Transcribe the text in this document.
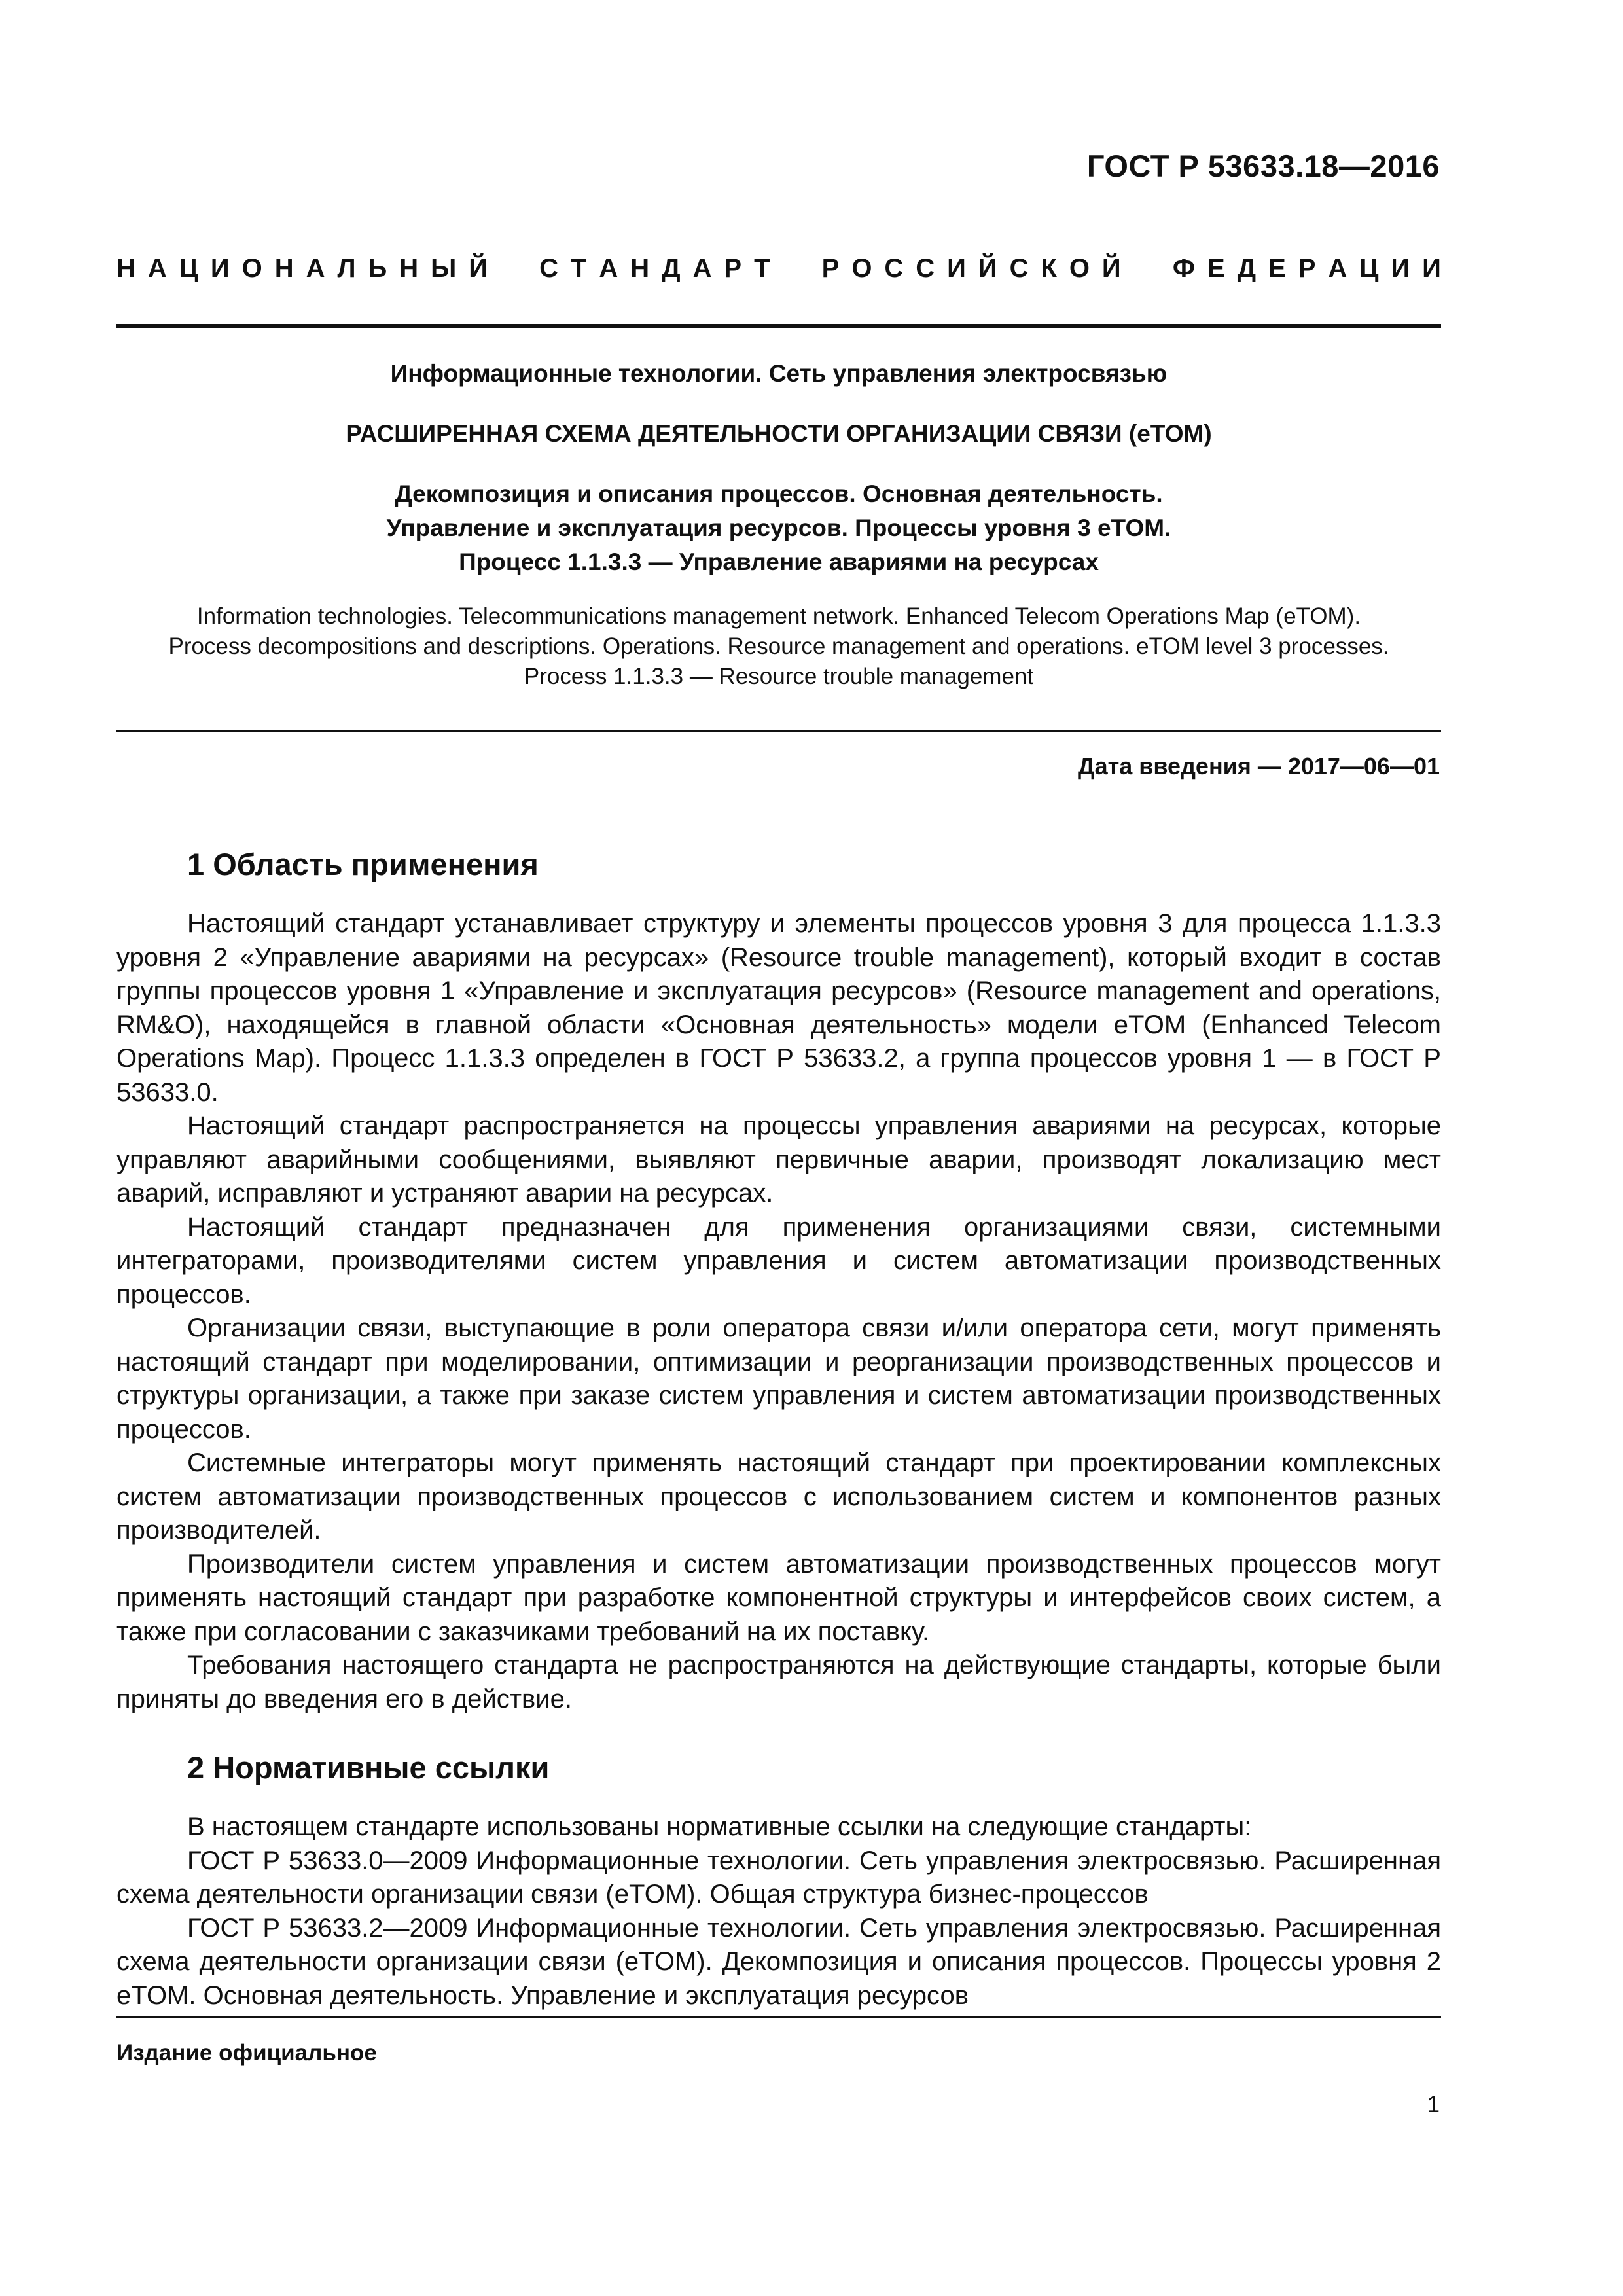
ГОСТ Р 53633.18—2016
Н А Ц И О Н А Л Ь Н Ы Й

С Т А Н Д А Р Т

Р О С С И Й С К О Й

Ф Е Д Е Р А Ц И И
Информационные технологии. Сеть управления электросвязью
РАСШИРЕННАЯ СХЕМА ДЕЯТЕЛЬНОСТИ ОРГАНИЗАЦИИ СВЯЗИ (eTOM)
Декомпозиция и описания процессов. Основная деятельность.
Управление и эксплуатация ресурсов. Процессы уровня 3 eTOM.
Процесс 1.1.3.3 — Управление авариями на ресурсах
Information technologies. Telecommunications management network. Enhanced Telecom Operations Map (eTOM).
Process decompositions and descriptions. Operations. Resource management and operations. eTOM level 3 processes.
Process 1.1.3.3 — Resource trouble management
Дата введения — 2017—06—01
1 Область применения

Настоящий стандарт устанавливает структуру и элементы процессов уровня 3 для процесса 1.1.3.3 уровня 2 «Управление авариями на ресурсах» (Resource trouble management), который входит в состав группы процессов уровня 1 «Управление и эксплуатация ресурсов» (Resource management and operations, RM&O), находящейся в главной области «Основная деятельность» модели eTOM (Enhanced Telecom Operations Map). Процесс 1.1.3.3 определен в ГОСТ Р 53633.2, а группа процессов уровня 1 — в ГОСТ Р 53633.0.

Настоящий стандарт распространяется на процессы управления авариями на ресурсах, которые управляют аварийными сообщениями, выявляют первичные аварии, производят локализацию мест аварий, исправляют и устраняют аварии на ресурсах.

Настоящий стандарт предназначен для применения организациями связи, системными интеграторами, производителями систем управления и систем автоматизации производственных процессов.

Организации связи, выступающие в роли оператора связи и/или оператора сети, могут применять настоящий стандарт при моделировании, оптимизации и реорганизации производственных процессов и структуры организации, а также при заказе систем управления и систем автоматизации производственных процессов.

Системные интеграторы могут применять настоящий стандарт при проектировании комплексных систем автоматизации производственных процессов с использованием систем и компонентов разных производителей.

Производители систем управления и систем автоматизации производственных процессов могут применять настоящий стандарт при разработке компонентной структуры и интерфейсов своих систем, а также при согласовании с заказчиками требований на их поставку.

Требования настоящего стандарта не распространяются на действующие стандарты, которые были приняты до введения его в действие.

2 Нормативные ссылки

В настоящем стандарте использованы нормативные ссылки на следующие стандарты:

ГОСТ Р 53633.0—2009 Информационные технологии. Сеть управления электросвязью. Расширенная схема деятельности организации связи (eTOM). Общая структура бизнес-процессов

ГОСТ Р 53633.2—2009 Информационные технологии. Сеть управления электросвязью. Расширенная схема деятельности организации связи (eTOM). Декомпозиция и описания процессов. Процессы уровня 2 eTOM. Основная деятельность. Управление и эксплуатация ресурсов

Издание официальное
1
